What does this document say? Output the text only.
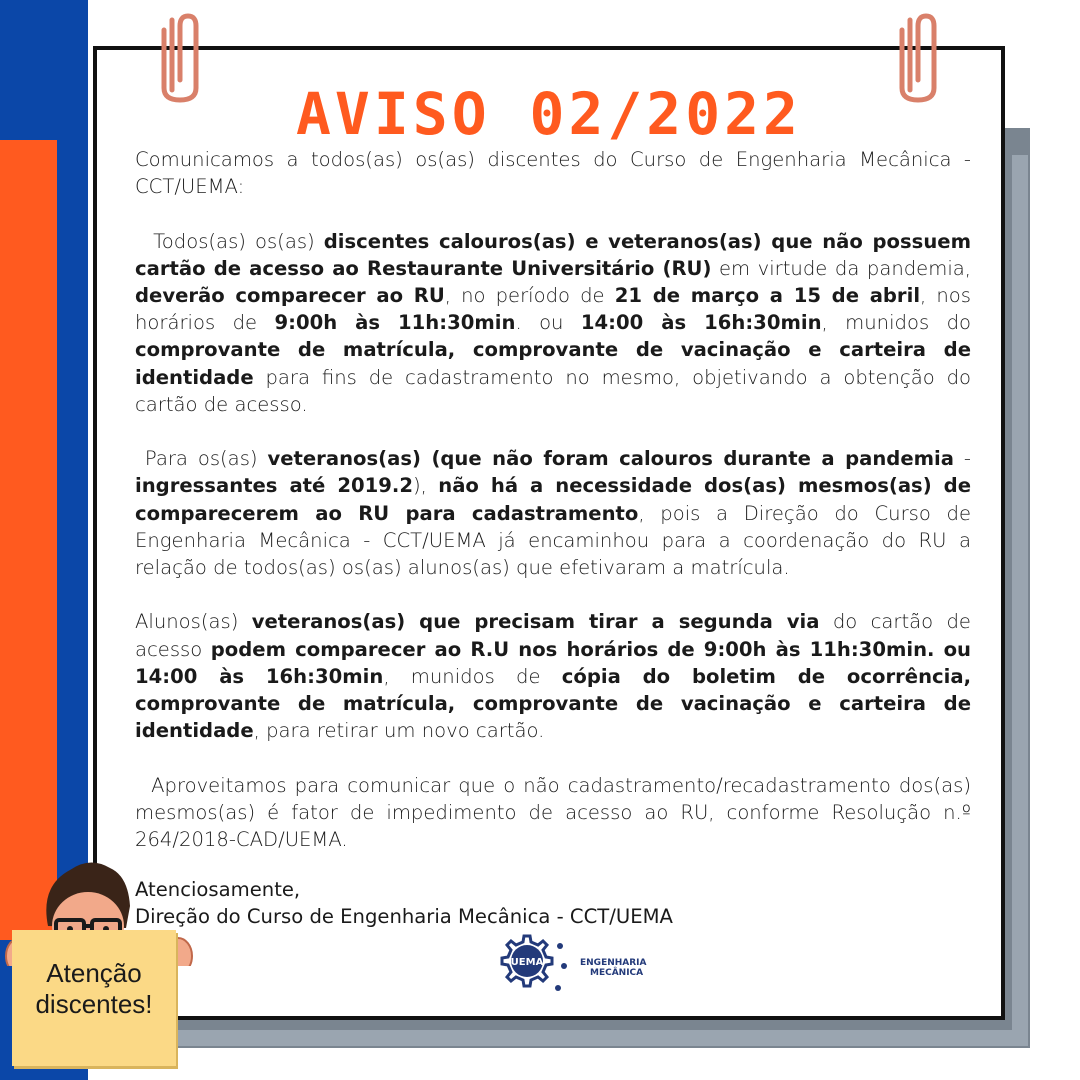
AVISO 02/2022

Comunicamos a todos(as) os(as) discentes do Curso de Engenharia Mecânica - CCT/UEMA:

Todos(as) os(as) discentes calouros(as) e veteranos(as) que não possuem cartão de acesso ao Restaurante Universitário (RU) em virtude da pandemia, deverão comparecer ao RU, no período de 21 de março a 15 de abril, nos horários de 9:00h às 11h:30min. ou 14:00 às 16h:30min, munidos do comprovante de matrícula, comprovante de vacinação e carteira de identidade para fins de cadastramento no mesmo, objetivando a obtenção do cartão de acesso.

Para os(as) veteranos(as) (que não foram calouros durante a pandemia - ingressantes até 2019.2), não há a necessidade dos(as) mesmos(as) de comparecerem ao RU para cadastramento, pois a Direção do Curso de Engenharia Mecânica - CCT/UEMA já encaminhou para a coordenação do RU a relação de todos(as) os(as) alunos(as) que efetivaram a matrícula.

Alunos(as) veteranos(as) que precisam tirar a segunda via do cartão de acesso podem comparecer ao R.U nos horários de 9:00h às 11h:30min. ou 14:00 às 16h:30min, munidos de cópia do boletim de ocorrência, comprovante de matrícula, comprovante de vacinação e carteira de identidade, para retirar um novo cartão.

Aproveitamos para comunicar que o não cadastramento/recadastramento dos(as) mesmos(as) é fator de impedimento de acesso ao RU, conforme Resolução n.º 264/2018-CAD/UEMA.

Atenciosamente,
Direção do Curso de Engenharia Mecânica - CCT/UEMA
UEMA	ENGENHARIA
MECÂNICA
Atenção
discentes!
